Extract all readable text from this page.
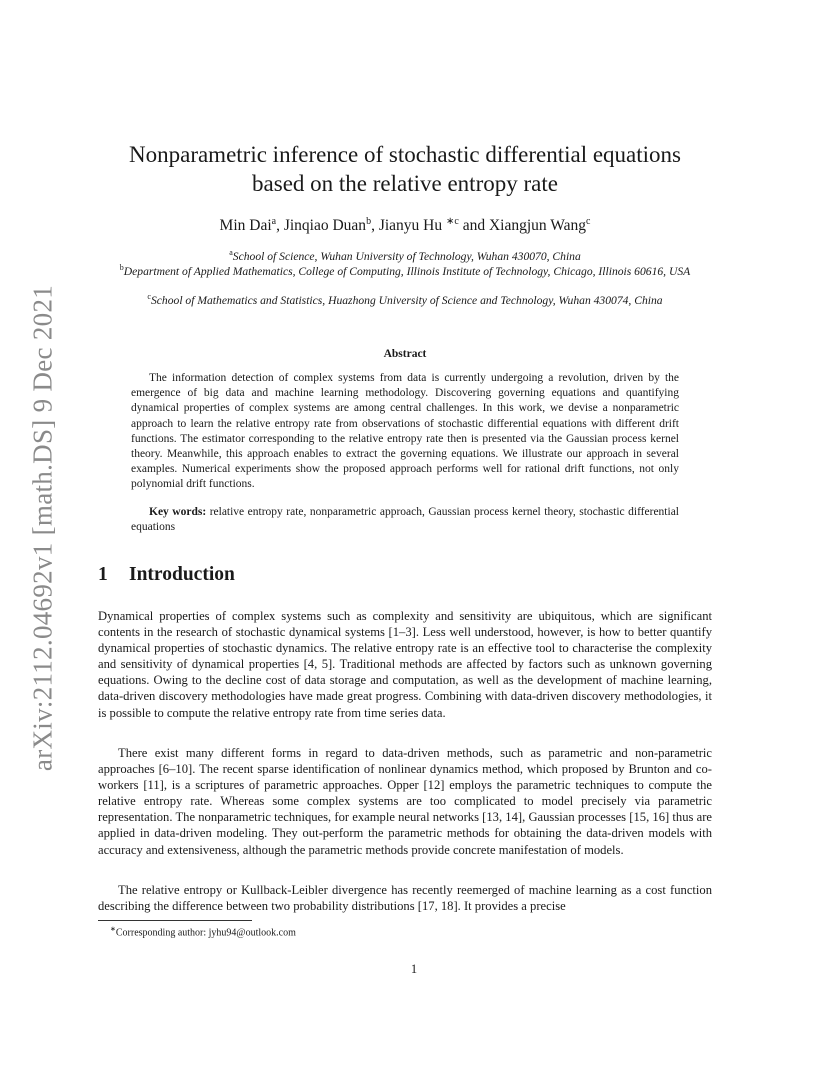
arXiv:2112.04692v1 [math.DS] 9 Dec 2021
Nonparametric inference of stochastic differential equations
based on the relative entropy rate
Min Dai$^a$, Jinqiao Duan$^b$, Jianyu Hu $^{∗c}$ and Xiangjun Wang$^c$
$^a$School of Science, Wuhan University of Technology, Wuhan 430070, China
$^b$Department of Applied Mathematics, College of Computing, Illinois Institute of Technology, Chicago, Illinois 60616, USA
$^c$School of Mathematics and Statistics, Huazhong University of Science and Technology, Wuhan 430074, China
Abstract
The information detection of complex systems from data is currently undergoing a revolution, driven by the emergence of big data and machine learning methodology. Discovering governing equations and quantifying dynamical properties of complex systems are among central challenges. In this work, we devise a nonparametric approach to learn the relative entropy rate from observations of stochastic differential equations with different drift functions. The estimator corresponding to the relative entropy rate then is presented via the Gaussian process kernel theory. Meanwhile, this approach enables to extract the governing equations. We illustrate our approach in several examples. Numerical experiments show the proposed approach performs well for rational drift functions, not only polynomial drift functions.
Key words: relative entropy rate, nonparametric approach, Gaussian process kernel theory, stochastic differential equations
1 Introduction
Dynamical properties of complex systems such as complexity and sensitivity are ubiquitous, which are significant contents in the research of stochastic dynamical systems [1–3]. Less well understood, however, is how to better quantify dynamical properties of stochastic dynamics. The relative entropy rate is an effective tool to characterise the complexity and sensitivity of dynamical properties [4, 5]. Traditional methods are affected by factors such as unknown governing equations. Owing to the decline cost of data storage and computation, as well as the development of machine learning, data-driven discovery methodologies have made great progress. Combining with data-driven discovery methodologies, it is possible to compute the relative entropy rate from time series data.
There exist many different forms in regard to data-driven methods, such as parametric and non-parametric approaches [6–10]. The recent sparse identification of nonlinear dynamics method, which proposed by Brunton and co-workers [11], is a scriptures of parametric approaches. Opper [12] employs the parametric techniques to compute the relative entropy rate. Whereas some complex systems are too complicated to model precisely via parametric representation. The nonparametric techniques, for example neural networks [13, 14], Gaussian processes [15, 16] thus are applied in data-driven modeling. They out-perform the parametric methods for obtaining the data-driven models with accuracy and extensiveness, although the parametric methods provide concrete manifestation of models.
The relative entropy or Kullback-Leibler divergence has recently reemerged of machine learning as a cost function describing the difference between two probability distributions [17, 18]. It provides a precise
∗Corresponding author: jyhu94@outlook.com
1
